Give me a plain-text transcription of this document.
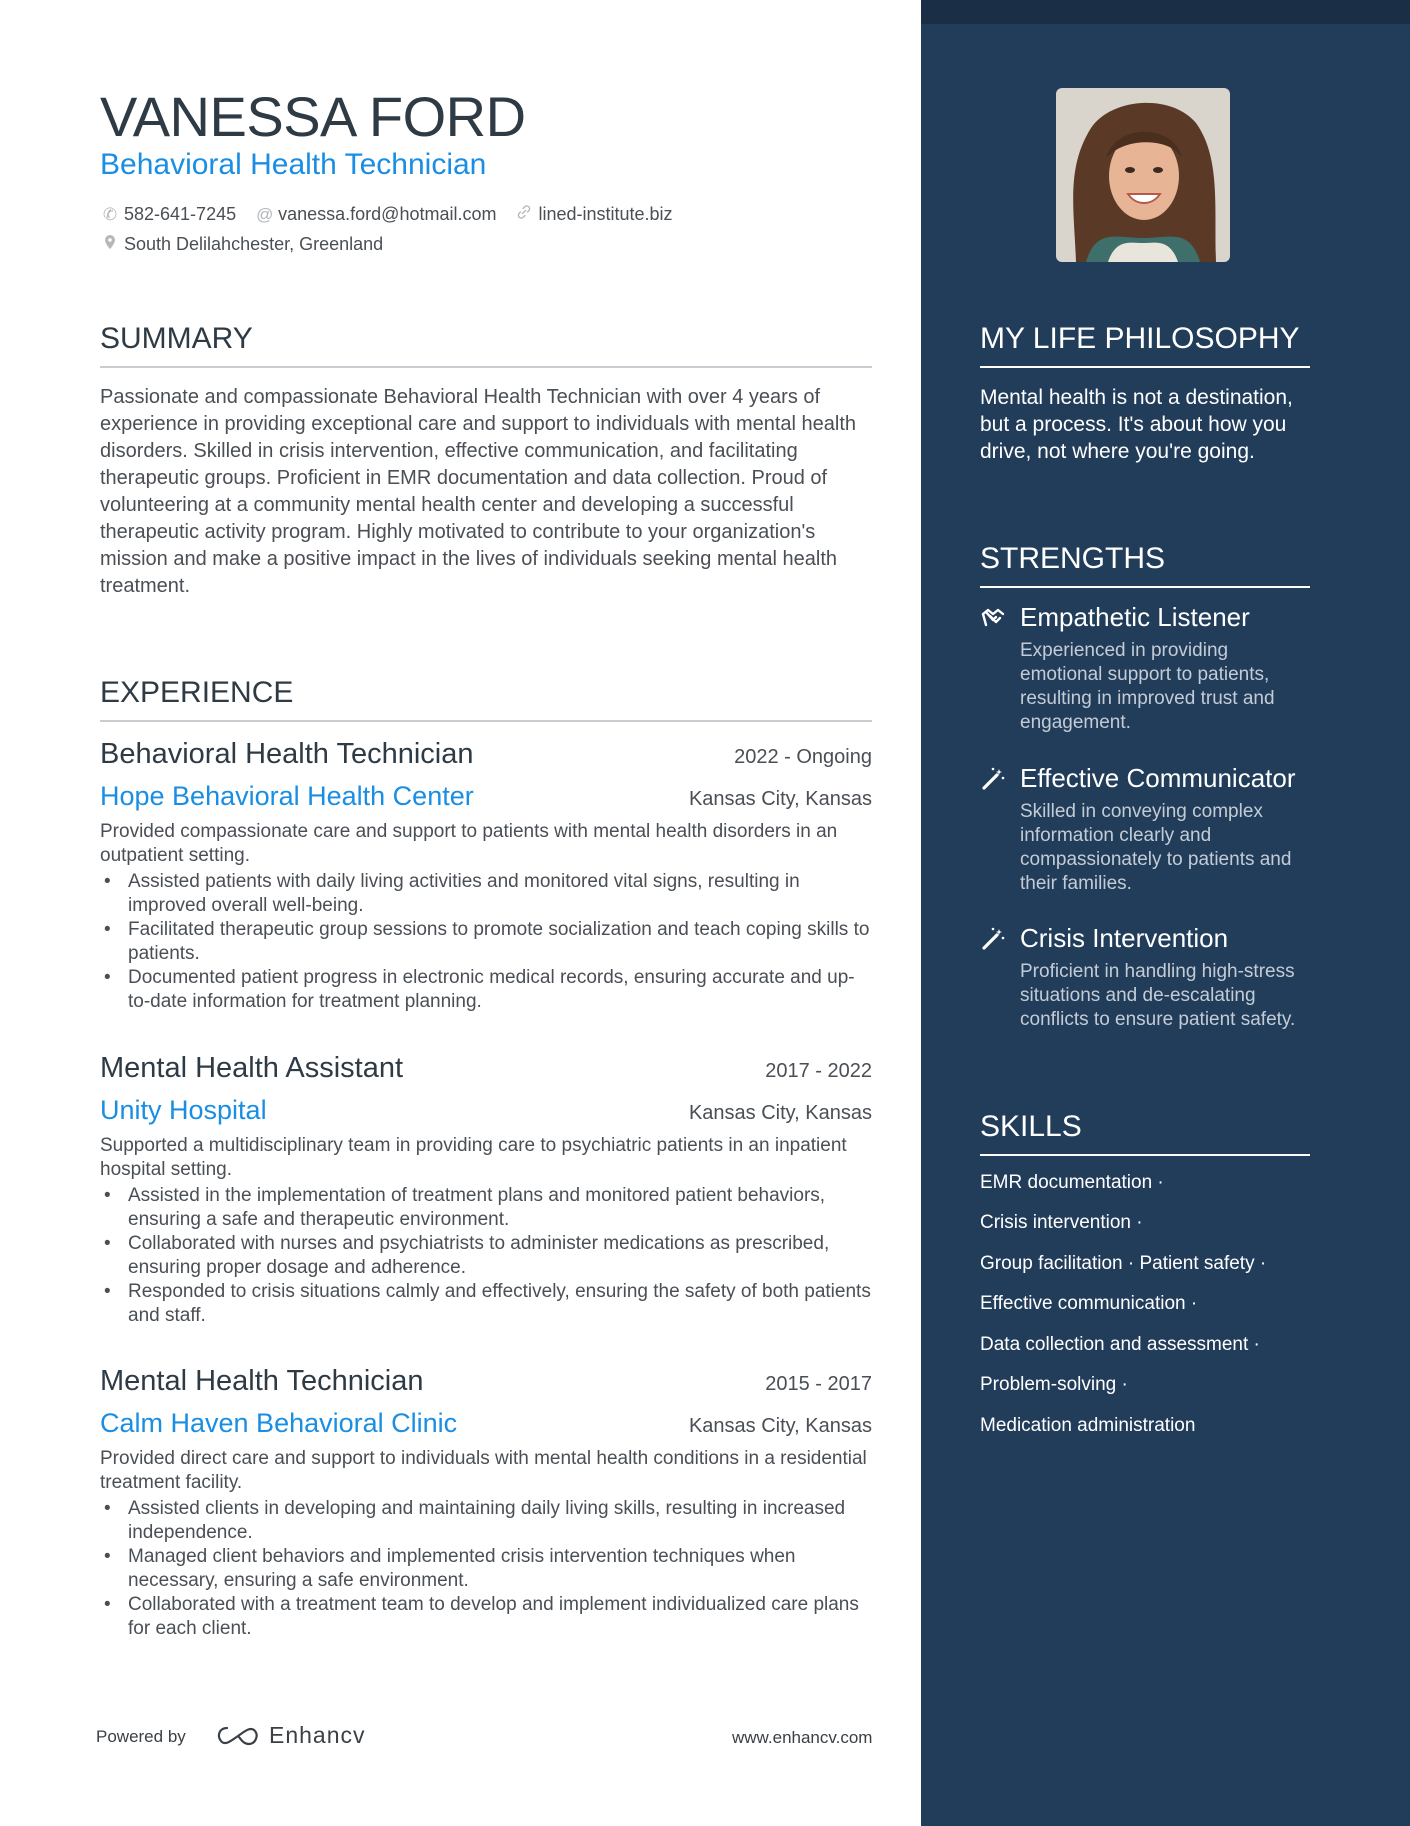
VANESSA FORD
Behavioral Health Technician
✆ 582-641-7245 @ vanessa.ford@hotmail.com lined-institute.biz
South Delilahchester, Greenland
SUMMARY
Passionate and compassionate Behavioral Health Technician with over 4 years of experience in providing exceptional care and support to individuals with mental health disorders. Skilled in crisis intervention, effective communication, and facilitating therapeutic groups. Proficient in EMR documentation and data collection. Proud of volunteering at a community mental health center and developing a successful therapeutic activity program. Highly motivated to contribute to your organization's mission and make a positive impact in the lives of individuals seeking mental health treatment.
EXPERIENCE
Behavioral Health Technician	2022 - Ongoing
Hope Behavioral Health Center	Kansas City, Kansas
Provided compassionate care and support to patients with mental health disorders in an outpatient setting.
• Assisted patients with daily living activities and monitored vital signs, resulting in improved overall well-being.
• Facilitated therapeutic group sessions to promote socialization and teach coping skills to patients.
• Documented patient progress in electronic medical records, ensuring accurate and up-to-date information for treatment planning.
Mental Health Assistant	2017 - 2022
Unity Hospital	Kansas City, Kansas
Supported a multidisciplinary team in providing care to psychiatric patients in an inpatient hospital setting.
• Assisted in the implementation of treatment plans and monitored patient behaviors, ensuring a safe and therapeutic environment.
• Collaborated with nurses and psychiatrists to administer medications as prescribed, ensuring proper dosage and adherence.
• Responded to crisis situations calmly and effectively, ensuring the safety of both patients and staff.
Mental Health Technician	2015 - 2017
Calm Haven Behavioral Clinic	Kansas City, Kansas
Provided direct care and support to individuals with mental health conditions in a residential treatment facility.
• Assisted clients in developing and maintaining daily living skills, resulting in increased independence.
• Managed client behaviors and implemented crisis intervention techniques when necessary, ensuring a safe environment.
• Collaborated with a treatment team to develop and implement individualized care plans for each client.
Powered by	Enhancv	www.enhancv.com
MY LIFE PHILOSOPHY
Mental health is not a destination, but a process. It's about how you drive, not where you're going.
STRENGTHS
Empathetic Listener
Experienced in providing emotional support to patients, resulting in improved trust and engagement.
Effective Communicator
Skilled in conveying complex information clearly and compassionately to patients and their families.
Crisis Intervention
Proficient in handling high-stress situations and de-escalating conflicts to ensure patient safety.
SKILLS
EMR documentation ·
Crisis intervention ·
Group facilitation · Patient safety ·
Effective communication ·
Data collection and assessment ·
Problem-solving ·
Medication administration
